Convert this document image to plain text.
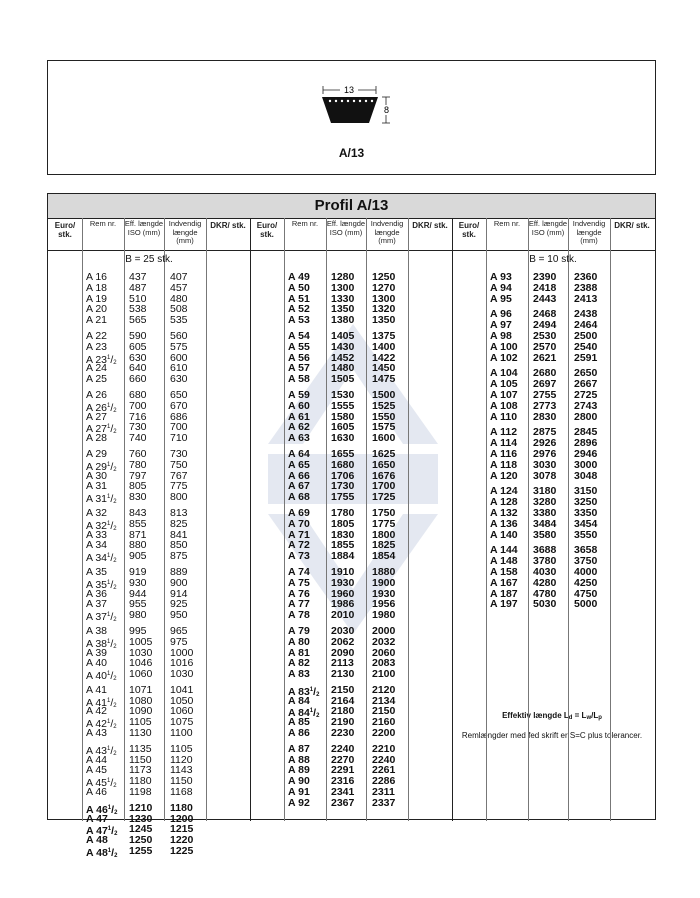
13
8
A/13
Profil A/13
Euro/ stk.
Rem nr.	Eff. længde ISO (mm)
Indvendig længde (mm)
DKR/ stk.	Euro/ stk.
Rem nr.	Eff. længde ISO (mm)
Indvendig længde (mm)
DKR/ stk.	Euro/ stk.
Rem nr.	Eff. længde ISO (mm)
Indvendig længde (mm)
DKR/ stk.
A 16 437 407
A 18 487 457
A 19 510 480
A 20 538 508
A 21 565 535
A 22 590 560
A 23 605 575
A $23^1/_2$ 630 600
A 24 640 610
A 25 660 630
A 26 680 650
A $26^1/_2$ 700 670
A 27 716 686
A $27^1/_2$ 730 700
A 28 740 710
A 29 760 730
A $29^1/_2$ 780 750
A 30 797 767
A 31 805 775
A $31^1/_2$ 830 800
A 32 843 813
A $32^1/_2$ 855 825
A 33 871 841
A 34 880 850
A $34^1/_2$ 905 875
A 35 919 889
A $35^1/_2$ 930 900
A 36 944 914
A 37 955 925
A $37^1/_2$ 980 950
A 38 995 965
A $38^1/_2$ 1005 975
A 39 1030 1000
A 40 1046 1016
A $40^1/_2$ 1060 1030
A 41 1071 1041
A $41^1/_2$ 1080 1050
A 42 1090 1060
A $42^1/_2$ 1105 1075
A 43 1130 1100
A $43^1/_2$ 1135 1105
A 44 1150 1120
A 45 1173 1143
A $45^1/_2$ 1180 1150
A 46 1198 1168
A $46^1/_2$ 1210 1180
A 47 1230 1200
A $47^1/_2$ 1245 1215
A 48 1250 1220
A $48^1/_2$ 1255 1225
A 49 1280 1250
A 50 1300 1270
A 51 1330 1300
A 52 1350 1320
A 53 1380 1350
A 54 1405 1375
A 55 1430 1400
A 56 1452 1422
A 57 1480 1450
A 58 1505 1475
A 59 1530 1500
A 60 1555 1525
A 61 1580 1550
A 62 1605 1575
A 63 1630 1600
A 64 1655 1625
A 65 1680 1650
A 66 1706 1676
A 67 1730 1700
A 68 1755 1725
A 69 1780 1750
A 70 1805 1775
A 71 1830 1800
A 72 1855 1825
A 73 1884 1854
A 74 1910 1880
A 75 1930 1900
A 76 1960 1930
A 77 1986 1956
A 78 2010 1980
A 79 2030 2000
A 80 2062 2032
A 81 2090 2060
A 82 2113 2083
A 83 2130 2100
A $83^1/_2$ 2150 2120
A 84 2164 2134
A $84^1/_2$ 2180 2150
A 85 2190 2160
A 86 2230 2200
A 87 2240 2210
A 88 2270 2240
A 89 2291 2261
A 90 2316 2286
A 91 2341 2311
A 92 2367 2337
A 93 2390 2360
A 94 2418 2388
A 95 2443 2413
A 96 2468 2438
A 97 2494 2464
A 98 2530 2500
A 100 2570 2540
A 102 2621 2591
A 104 2680 2650
A 105 2697 2667
A 107 2755 2725
A 108 2773 2743
A 110 2830 2800
A 112 2875 2845
A 114 2926 2896
A 116 2976 2946
A 118 3030 3000
A 120 3078 3048
A 124 3180 3150
A 128 3280 3250
A 132 3380 3350
A 136 3484 3454
A 140 3580 3550
A 144 3688 3658
A 148 3780 3750
A 158 4030 4000
A 167 4280 4250
A 187 4780 4750
A 197 5030 5000
Effektiv længde $L_d = L_w/L_p$
Remlængder med fed skrift er S=C plus tolerancer.
B = 25 stk.	B = 10 stk.
